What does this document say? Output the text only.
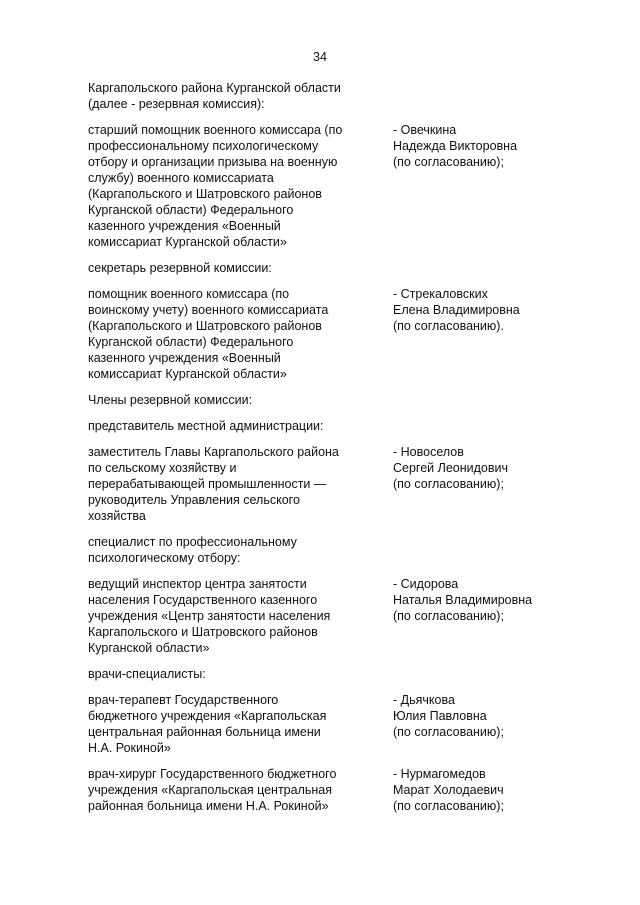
34
Каргапольского района Курганской области
(далее - резервная комиссия):
старший помощник военного комиссара (по
профессиональному психологическому
отбору и организации призыва на военную
службу) военного комиссариата
(Каргапольского и Шатровского районов
Курганской области) Федерального
казенного учреждения «Военный
комиссариат Курганской области»
- Овечкина
Надежда Викторовна
(по согласованию);
секретарь резервной комиссии:
помощник военного комиссара (по
воинскому учету) военного комиссариата
(Каргапольского и Шатровского районов
Курганской области) Федерального
казенного учреждения «Военный
комиссариат Курганской области»
- Стрекаловских
Елена Владимировна
(по согласованию).
Члены резервной комиссии:
представитель местной администрации:
заместитель Главы Каргапольского района
по сельскому хозяйству и
перерабатывающей промышленности —
руководитель Управления сельского
хозяйства
- Новоселов
Сергей Леонидович
(по согласованию);
специалист по профессиональному
психологическому отбору:
ведущий инспектор центра занятости
населения Государственного казенного
учреждения «Центр занятости населения
Каргапольского и Шатровского районов
Курганской области»
- Сидорова
Наталья Владимировна
(по согласованию);
врачи-специалисты:
врач-терапевт Государственного
бюджетного учреждения «Каргапольская
центральная районная больница имени
Н.А. Рокиной»
- Дьячкова
Юлия Павловна
(по согласованию);
врач-хирург Государственного бюджетного
учреждения «Каргапольская центральная
районная больница имени Н.А. Рокиной»
- Нурмагомедов
Марат Холодаевич
(по согласованию);
